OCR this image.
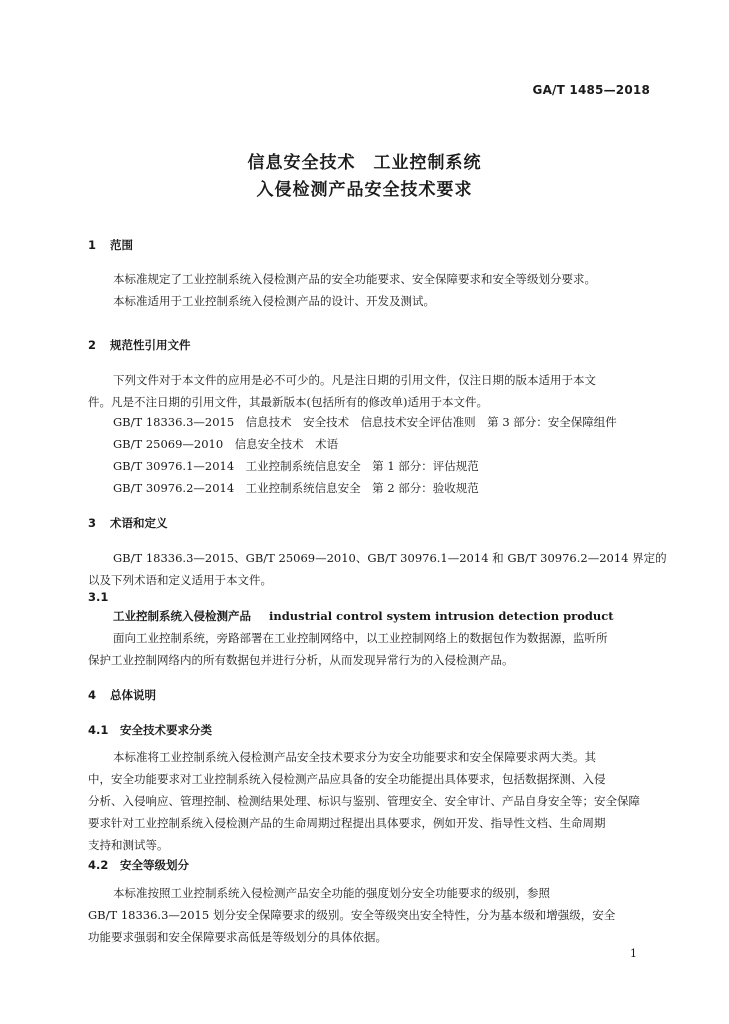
GA/T 1485—2018
信息安全技术　工业控制系统
入侵检测产品安全技术要求
1 范围
本标准规定了工业控制系统入侵检测产品的安全功能要求、安全保障要求和安全等级划分要求。
本标准适用于工业控制系统入侵检测产品的设计、开发及测试。
2 规范性引用文件
下列文件对于本文件的应用是必不可少的。凡是注日期的引用文件，仅注日期的版本适用于本文
件。凡是不注日期的引用文件，其最新版本(包括所有的修改单)适用于本文件。
GB/T 18336.3—2015　信息技术　安全技术　信息技术安全评估准则　第 3 部分：安全保障组件
GB/T 25069—2010　信息安全技术　术语
GB/T 30976.1—2014　工业控制系统信息安全　第 1 部分：评估规范
GB/T 30976.2—2014　工业控制系统信息安全　第 2 部分：验收规范
3 术语和定义
GB/T 18336.3—2015、GB/T 25069—2010、GB/T 30976.1—2014 和 GB/T 30976.2—2014 界定的
以及下列术语和定义适用于本文件。
3.1
工业控制系统入侵检测产品 industrial control system intrusion detection product
面向工业控制系统，旁路部署在工业控制网络中，以工业控制网络上的数据包作为数据源，监听所
保护工业控制网络内的所有数据包并进行分析，从而发现异常行为的入侵检测产品。
4 总体说明
4.1 安全技术要求分类
本标准将工业控制系统入侵检测产品安全技术要求分为安全功能要求和安全保障要求两大类。其
中，安全功能要求对工业控制系统入侵检测产品应具备的安全功能提出具体要求，包括数据探测、入侵
分析、入侵响应、管理控制、检测结果处理、标识与鉴别、管理安全、安全审计、产品自身安全等；安全保障
要求针对工业控制系统入侵检测产品的生命周期过程提出具体要求，例如开发、指导性文档、生命周期
支持和测试等。
4.2 安全等级划分
本标准按照工业控制系统入侵检测产品安全功能的强度划分安全功能要求的级别，参照
GB/T 18336.3—2015 划分安全保障要求的级别。安全等级突出安全特性，分为基本级和增强级，安全
功能要求强弱和安全保障要求高低是等级划分的具体依据。
1
